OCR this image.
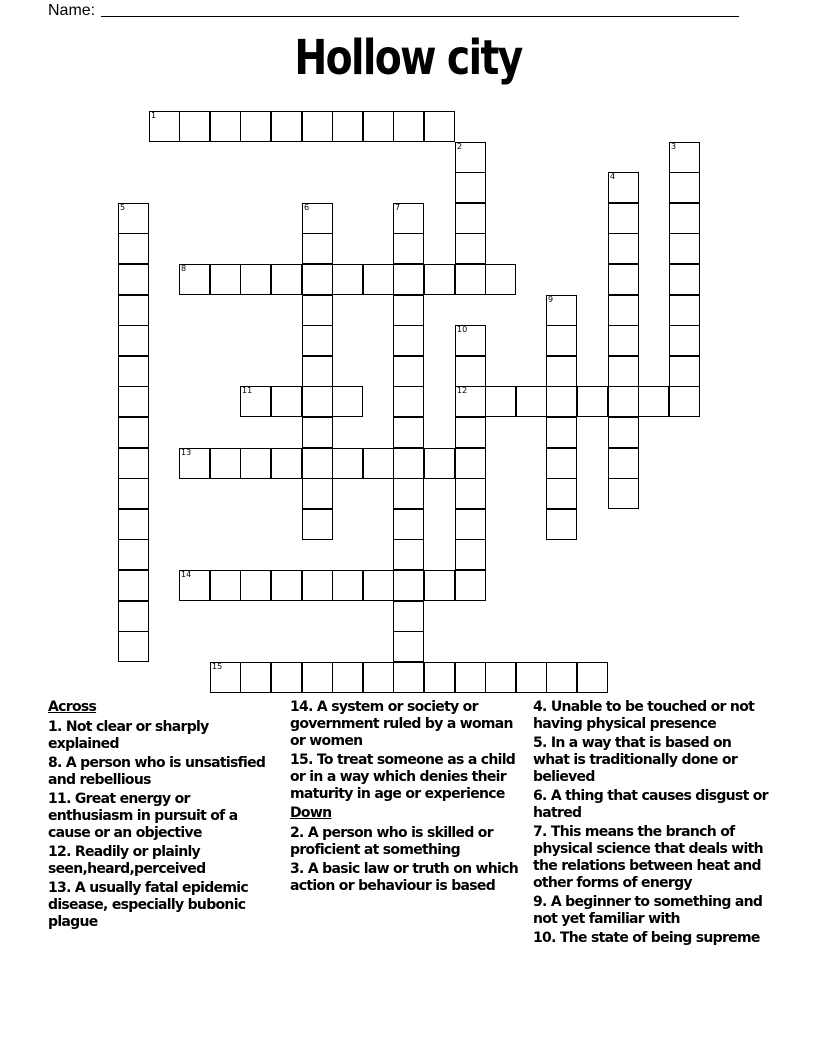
Name:
Hollow city
1
2	3
4
5	6	7
8
9
10
12
11
13
14
15
Across
1. Not clear or sharply explained
8. A person who is unsatisfied and rebellious
11. Great energy or enthusiasm in pursuit of a cause or an objective
12. Readily or plainly seen,heard,perceived
13. A usually fatal epidemic disease, especially bubonic plague
14. A system or society or government ruled by a woman or women
15. To treat someone as a child or in a way which denies their maturity in age or experience
Down
2. A person who is skilled or proficient at something
3. A basic law or truth on which action or behaviour is based
4. Unable to be touched or not having physical presence
5. In a way that is based on what is traditionally done or believed
6. A thing that causes disgust or hatred
7. This means the branch of physical science that deals with the relations between heat and other forms of energy
9. A beginner to something and not yet familiar with
10. The state of being supreme
